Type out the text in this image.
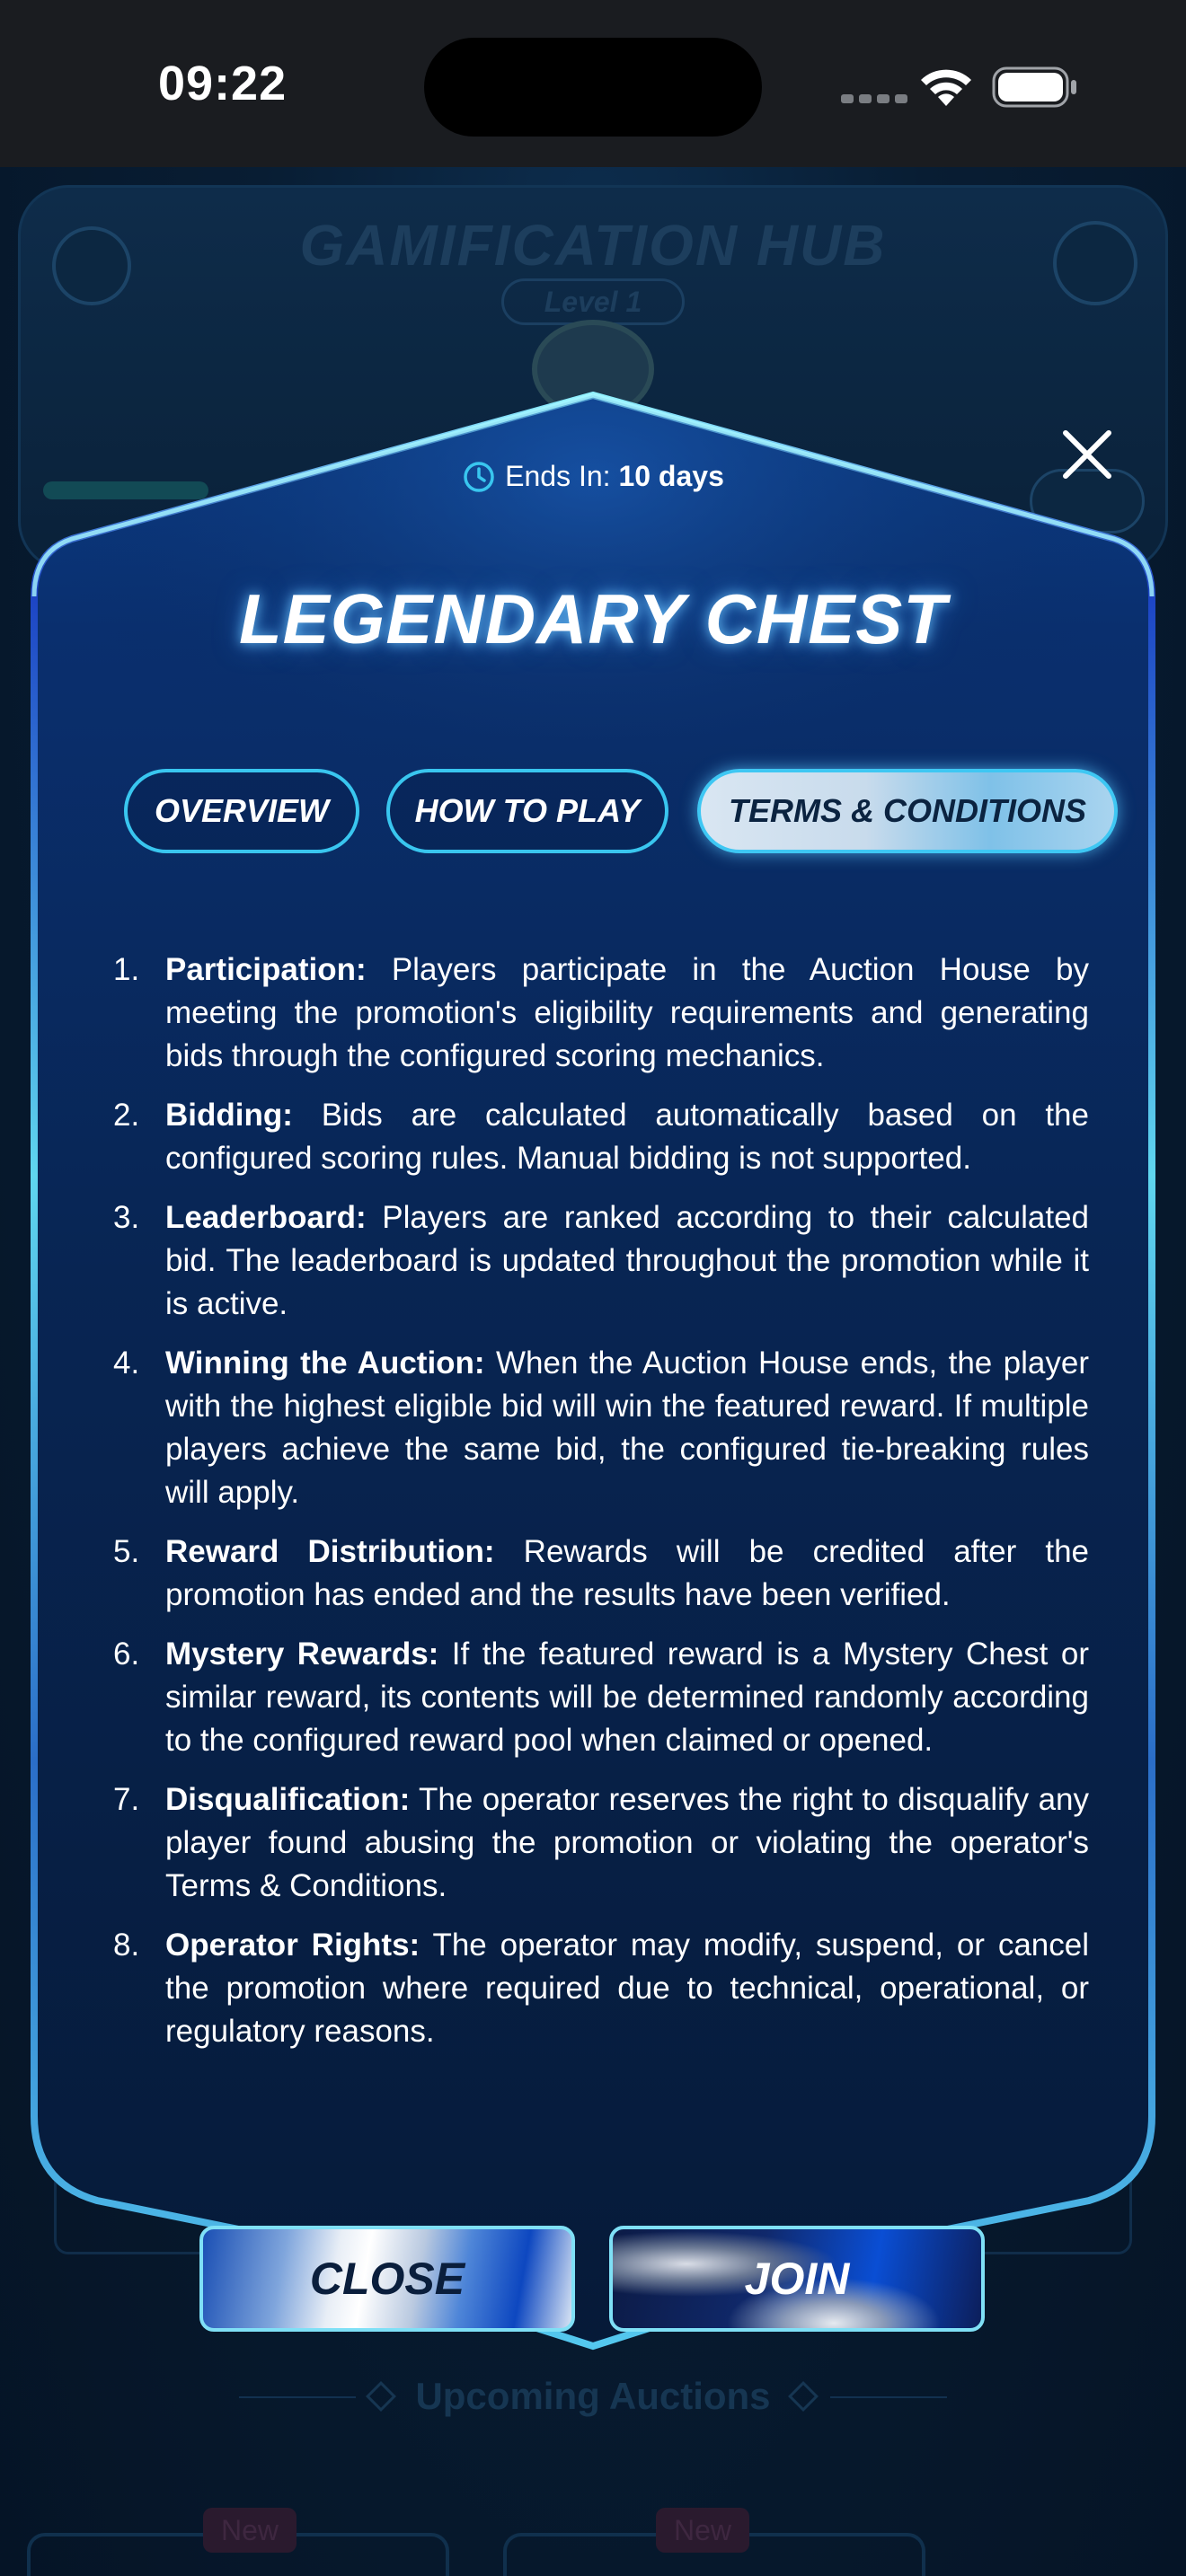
09:22
GAMIFICATION HUB
Level 1
Upcoming Auctions
New	New
Ends In: 10 days
LEGENDARY CHEST
OVERVIEW	HOW TO PLAY	TERMS & CONDITIONS
1. Participation: Players participate in the Auction House by meeting the promotion's eligibility requirements and generating bids through the configured scoring mechanics.
2. Bidding: Bids are calculated automatically based on the configured scoring rules. Manual bidding is not supported.
3. Leaderboard: Players are ranked according to their calculated bid. The leaderboard is updated throughout the promotion while it is active.
4. Winning the Auction: When the Auction House ends, the player with the highest eligible bid will win the featured reward. If multiple players achieve the same bid, the configured tie-breaking rules will apply.
5. Reward Distribution: Rewards will be credited after the promotion has ended and the results have been verified.
6. Mystery Rewards: If the featured reward is a Mystery Chest or similar reward, its contents will be determined randomly according to the configured reward pool when claimed or opened.
7. Disqualification: The operator reserves the right to disqualify any player found abusing the promotion or violating the operator's Terms & Conditions.
8. Operator Rights: The operator may modify, suspend, or cancel the promotion where required due to technical, operational, or regulatory reasons.
CLOSE	JOIN
